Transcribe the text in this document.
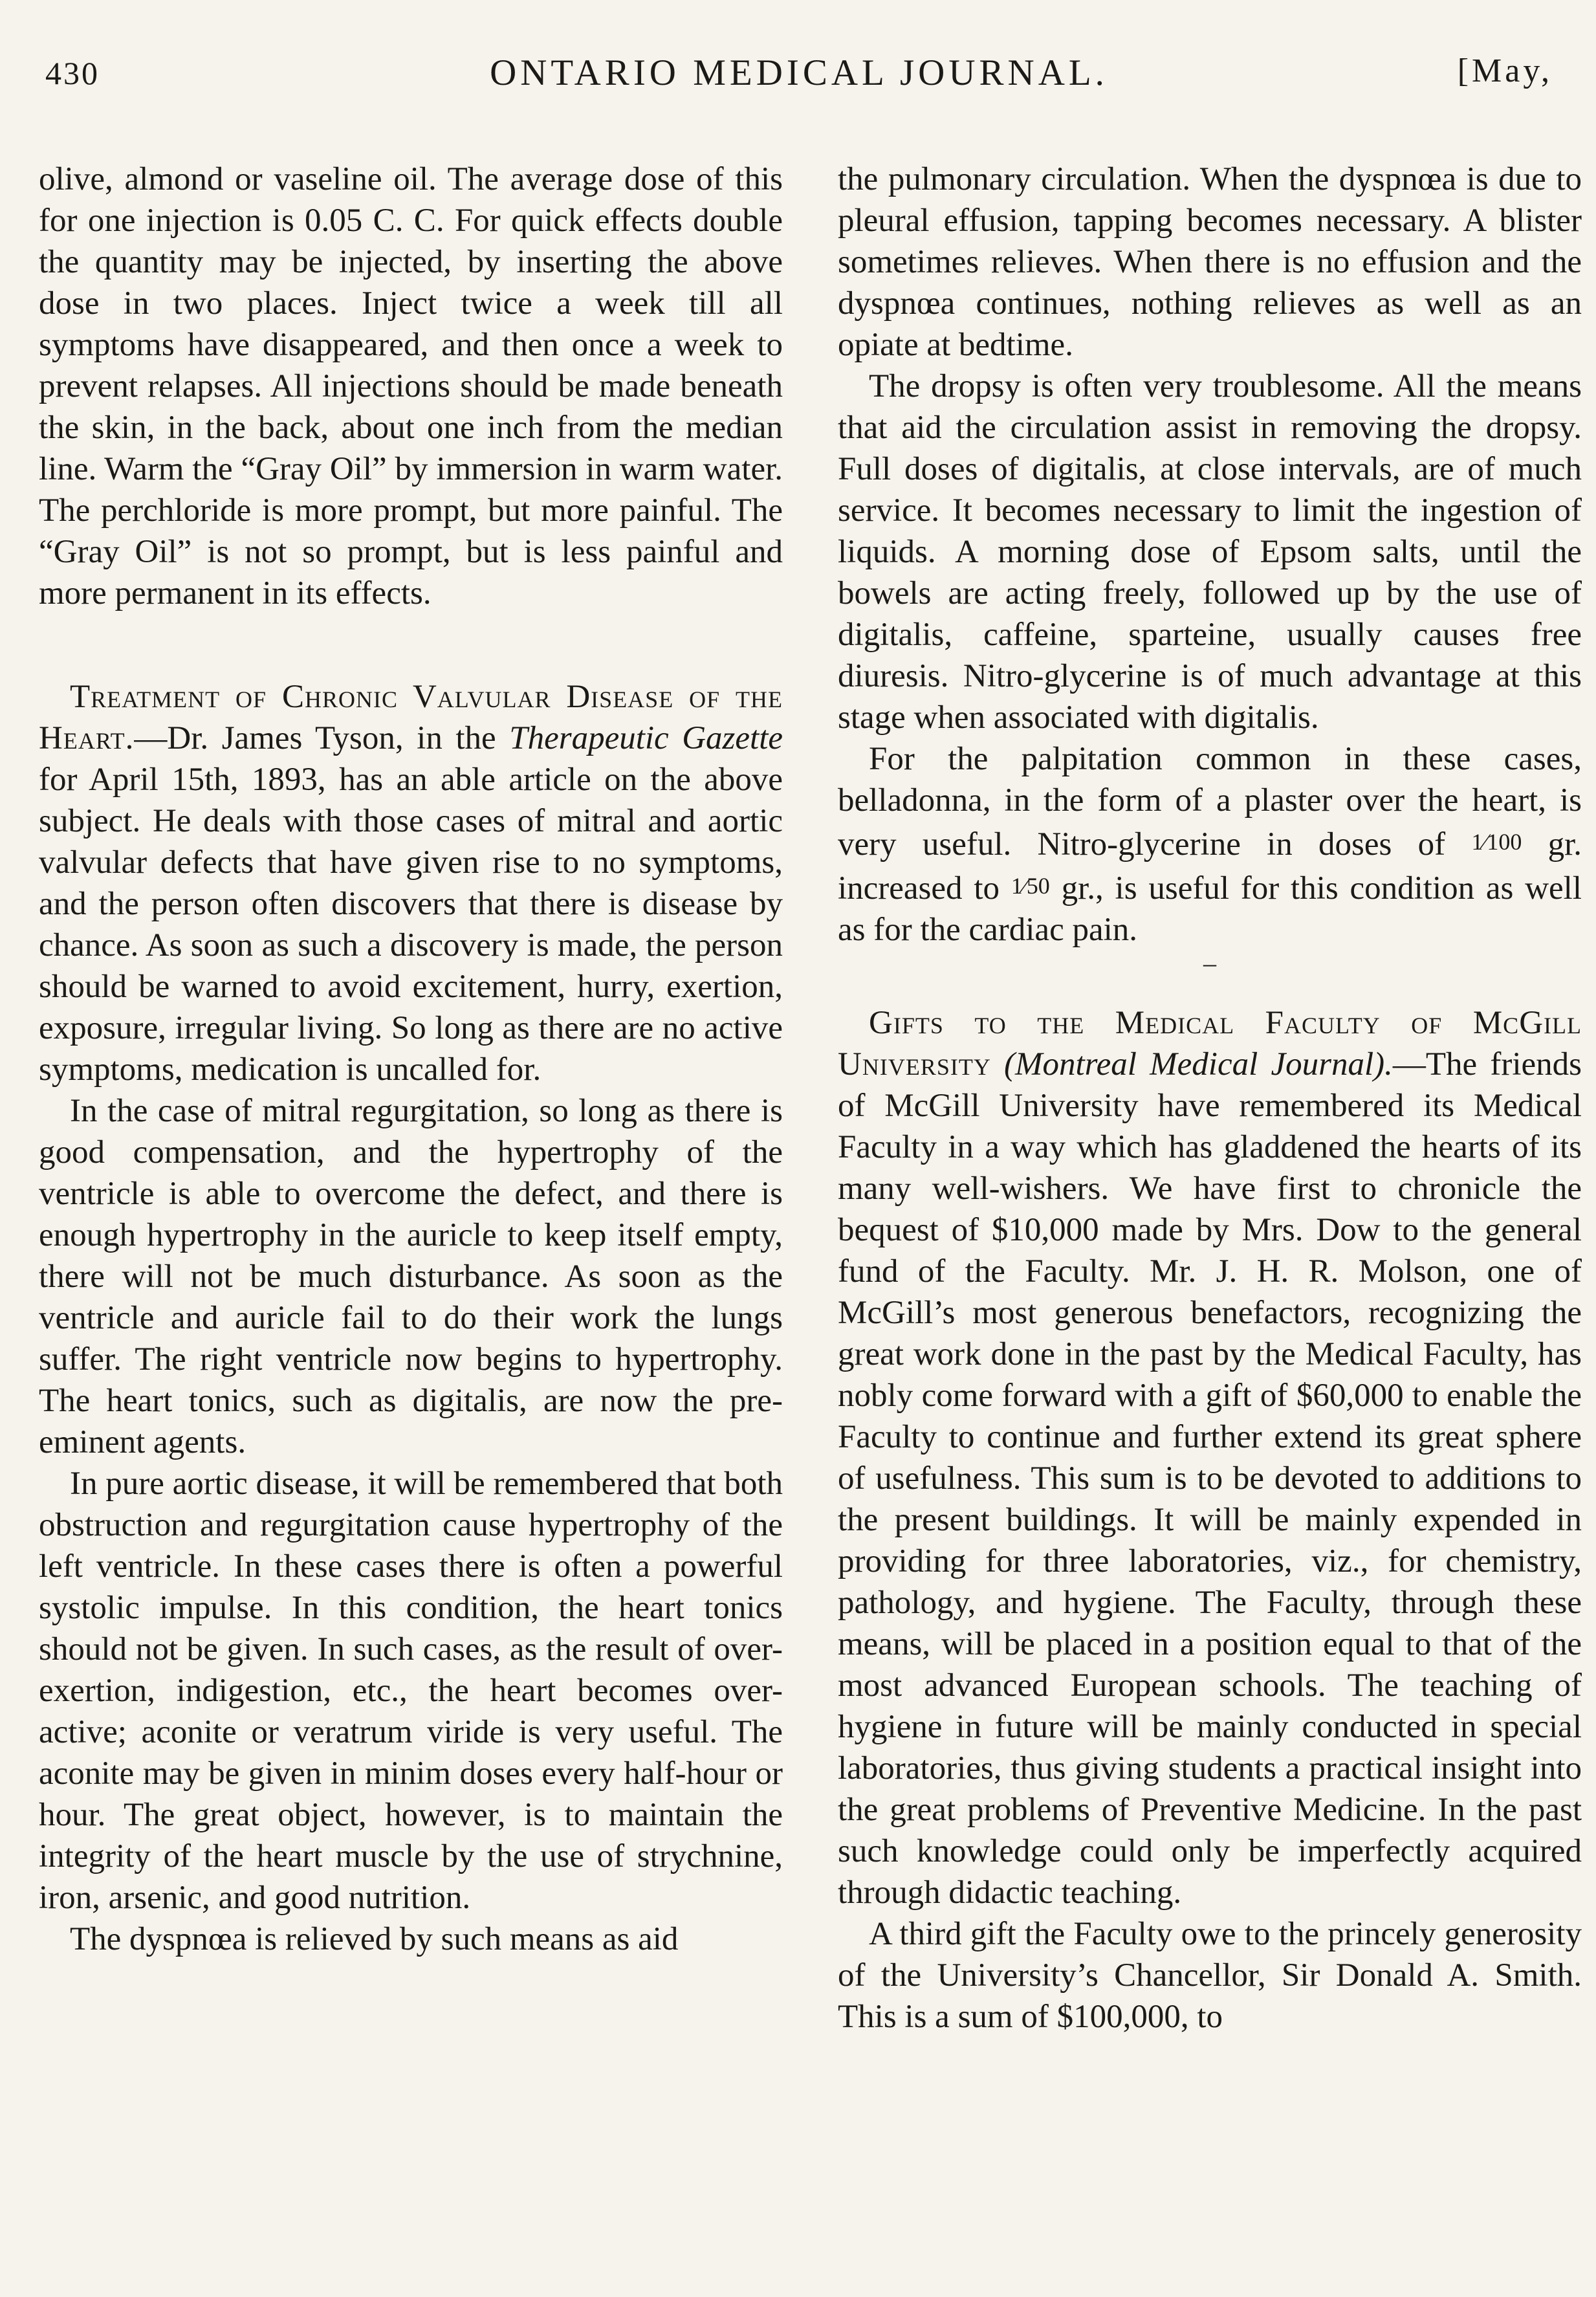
430	ONTARIO MEDICAL JOURNAL.	[May,

olive, almond or vaseline oil. The average dose of this for one injection is 0.05 C. C. For quick effects double the quantity may be injected, by inserting the above dose in two places. Inject twice a week till all symptoms have disappeared, and then once a week to prevent relapses. All injections should be made beneath the skin, in the back, about one inch from the median line. Warm the “Gray Oil” by immersion in warm water. The perchloride is more prompt, but more painful. The “Gray Oil” is not so prompt, but is less painful and more permanent in its effects.

Treatment of Chronic Valvular Disease of the Heart.—Dr. James Tyson, in the Therapeutic Gazette for April 15th, 1893, has an able article on the above subject. He deals with those cases of mitral and aortic valvular defects that have given rise to no symptoms, and the person often discovers that there is disease by chance. As soon as such a discovery is made, the person should be warned to avoid excitement, hurry, exertion, exposure, irregular living. So long as there are no active symptoms, medication is uncalled for.

In the case of mitral regurgitation, so long as there is good compensation, and the hypertrophy of the ventricle is able to overcome the defect, and there is enough hypertrophy in the auricle to keep itself empty, there will not be much disturbance. As soon as the ventricle and auricle fail to do their work the lungs suffer. The right ventricle now begins to hypertrophy. The heart tonics, such as digitalis, are now the pre-eminent agents.

In pure aortic disease, it will be remembered that both obstruction and regurgitation cause hypertrophy of the left ventricle. In these cases there is often a powerful systolic impulse. In this condition, the heart tonics should not be given. In such cases, as the result of over-exertion, indigestion, etc., the heart becomes over-active; aconite or veratrum viride is very useful. The aconite may be given in minim doses every half-hour or hour. The great object, however, is to maintain the integrity of the heart muscle by the use of strychnine, iron, arsenic, and good nutrition.

The dyspnœa is relieved by such means as aid

the pulmonary circulation. When the dyspnœa is due to pleural effusion, tapping becomes necessary. A blister sometimes relieves. When there is no effusion and the dyspnœa continues, nothing relieves as well as an opiate at bedtime.

The dropsy is often very troublesome. All the means that aid the circulation assist in removing the dropsy. Full doses of digitalis, at close intervals, are of much service. It becomes necessary to limit the ingestion of liquids. A morning dose of Epsom salts, until the bowels are acting freely, followed up by the use of digitalis, caffeine, sparteine, usually causes free diuresis. Nitro-glycerine is of much advantage at this stage when associated with digitalis.

For the palpitation common in these cases, belladonna, in the form of a plaster over the heart, is very useful. Nitro-glycerine in doses of 1⁄100 gr. increased to 1⁄50 gr., is useful for this condition as well as for the cardiac pain.

–

Gifts to the Medical Faculty of McGill University (Montreal Medical Journal).—The friends of McGill University have remembered its Medical Faculty in a way which has gladdened the hearts of its many well-wishers. We have first to chronicle the bequest of $10,000 made by Mrs. Dow to the general fund of the Faculty. Mr. J. H. R. Molson, one of McGill’s most generous benefactors, recognizing the great work done in the past by the Medical Faculty, has nobly come forward with a gift of $60,000 to enable the Faculty to continue and further extend its great sphere of usefulness. This sum is to be devoted to additions to the present buildings. It will be mainly expended in providing for three laboratories, viz., for chemistry, pathology, and hygiene. The Faculty, through these means, will be placed in a position equal to that of the most advanced European schools. The teaching of hygiene in future will be mainly conducted in special laboratories, thus giving students a practical insight into the great problems of Preventive Medicine. In the past such knowledge could only be imperfectly acquired through didactic teaching.

A third gift the Faculty owe to the princely generosity of the University’s Chancellor, Sir Donald A. Smith. This is a sum of $100,000, to
